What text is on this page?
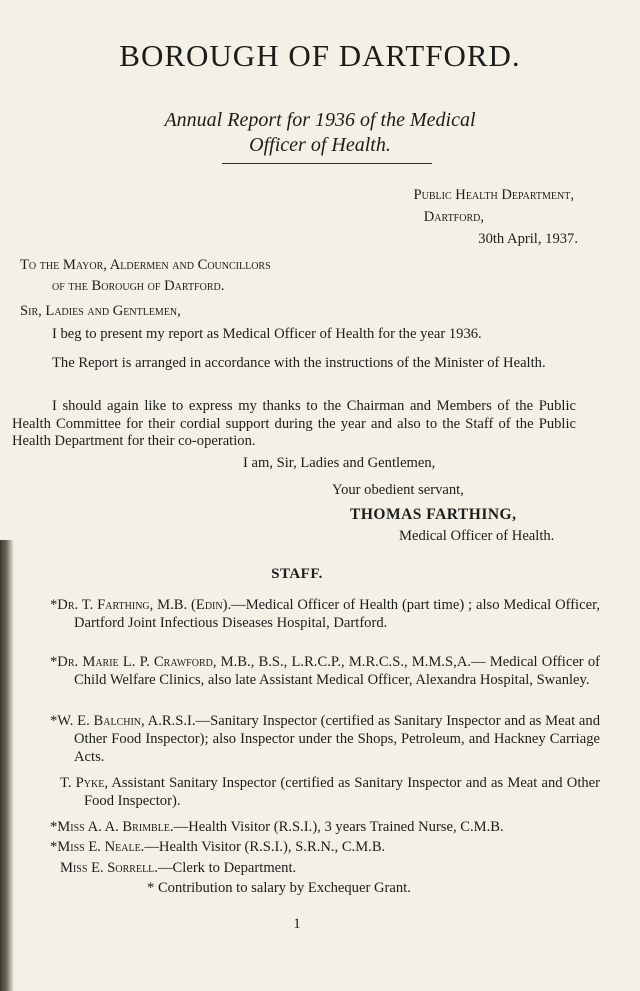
BOROUGH OF DARTFORD.
Annual Report for 1936 of the Medical
Officer of Health.
Public Health Department,
Dartford,
30th April, 1937.
To the Mayor, Aldermen and Councillors
of the Borough of Dartford.
Sir, Ladies and Gentlemen,
I beg to present my report as Medical Officer of Health for the year 1936.
The Report is arranged in accordance with the instructions of the Minister of Health.
I should again like to express my thanks to the Chairman and Members of the Public Health Committee for their cordial support during the year and also to the Staff of the Public Health Department for their co-operation.
I am, Sir, Ladies and Gentlemen,
Your obedient servant,
THOMAS FARTHING,
Medical Officer of Health.
STAFF.
*Dr. T. Farthing, M.B. (Edin).—Medical Officer of Health (part time) ; also Medical Officer, Dartford Joint Infectious Diseases Hospital, Dartford.
*Dr. Marie L. P. Crawford, M.B., B.S., L.R.C.P., M.R.C.S., M.M.S,A.— Medical Officer of Child Welfare Clinics, also late Assistant Medical Officer, Alexandra Hospital, Swanley.
*W. E. Balchin, A.R.S.I.—Sanitary Inspector (certified as Sanitary Inspector and as Meat and Other Food Inspector); also Inspector under the Shops, Petroleum, and Hackney Carriage Acts.
T. Pyke, Assistant Sanitary Inspector (certified as Sanitary Inspector and as Meat and Other Food Inspector).
*Miss A. A. Brimble.—Health Visitor (R.S.I.), 3 years Trained Nurse, C.M.B.
*Miss E. Neale.—Health Visitor (R.S.I.), S.R.N., C.M.B.
Miss E. Sorrell.—Clerk to Department.
* Contribution to salary by Exchequer Grant.
1
